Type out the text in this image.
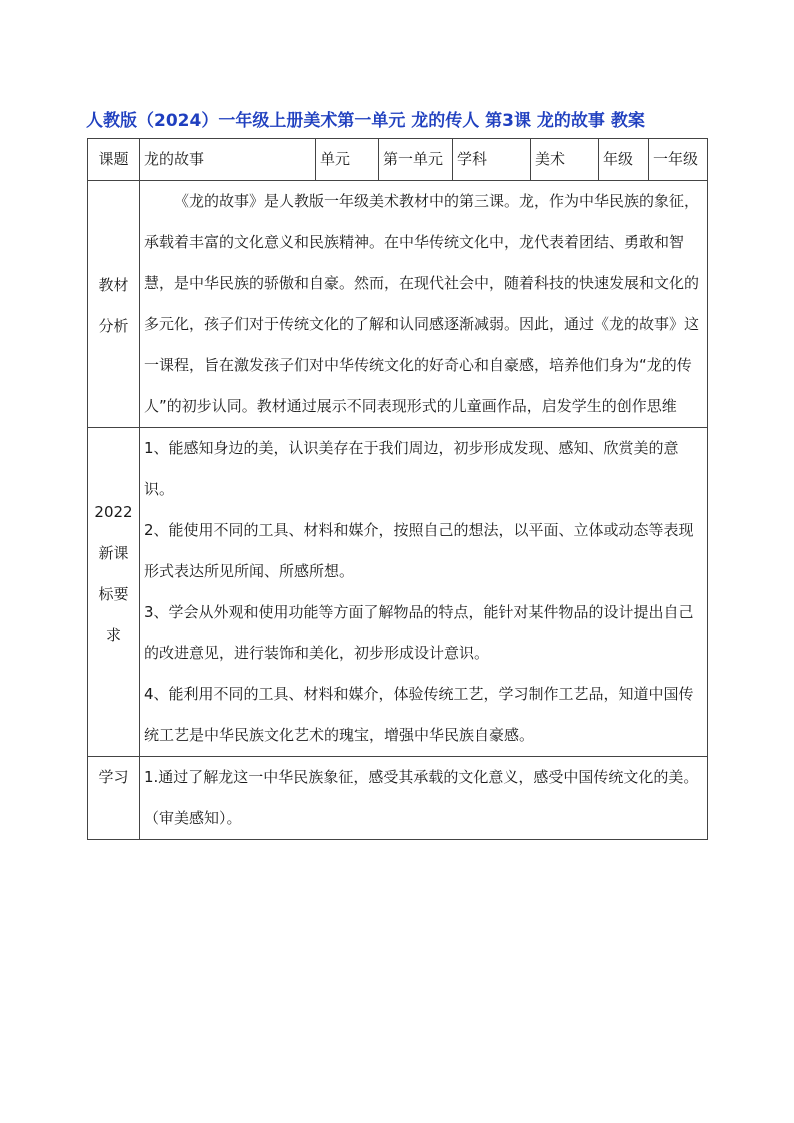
人教版（2024）一年级上册美术第一单元 龙的传人 第3课 龙的故事 教案
课题	龙的故事	单元	第一单元	学科	美术	年级	一年级
教材分析	《龙的故事》是人教版一年级美术教材中的第三课。龙，作为中华民族的象征，承载着丰富的文化意义和民族精神。在中华传统文化中，龙代表着团结、勇敢和智慧，是中华民族的骄傲和自豪。然而，在现代社会中，随着科技的快速发展和文化的多元化，孩子们对于传统文化的了解和认同感逐渐减弱。因此，通过《龙的故事》这一课程，旨在激发孩子们对中华传统文化的好奇心和自豪感，培养他们身为“龙的传人”的初步认同。教材通过展示不同表现形式的儿童画作品，启发学生的创作思维						

2022新课标要求	1、能感知身边的美，认识美存在于我们周边，初步形成发现、感知、欣赏美的意识。

2、能使用不同的工具、材料和媒介，按照自己的想法，以平面、立体或动态等表现形式表达所见所闻、所感所想。

3、学会从外观和使用功能等方面了解物品的特点，能针对某件物品的设计提出自己的改进意见，进行装饰和美化，初步形成设计意识。

4、能利用不同的工具、材料和媒介，体验传统工艺，学习制作工艺品，知道中国传统工艺是中华民族文化艺术的瑰宝，增强中华民族自豪感。						

学习	1.通过了解龙这一中华民族象征，感受其承载的文化意义，感受中国传统文化的美。（审美感知）。						
